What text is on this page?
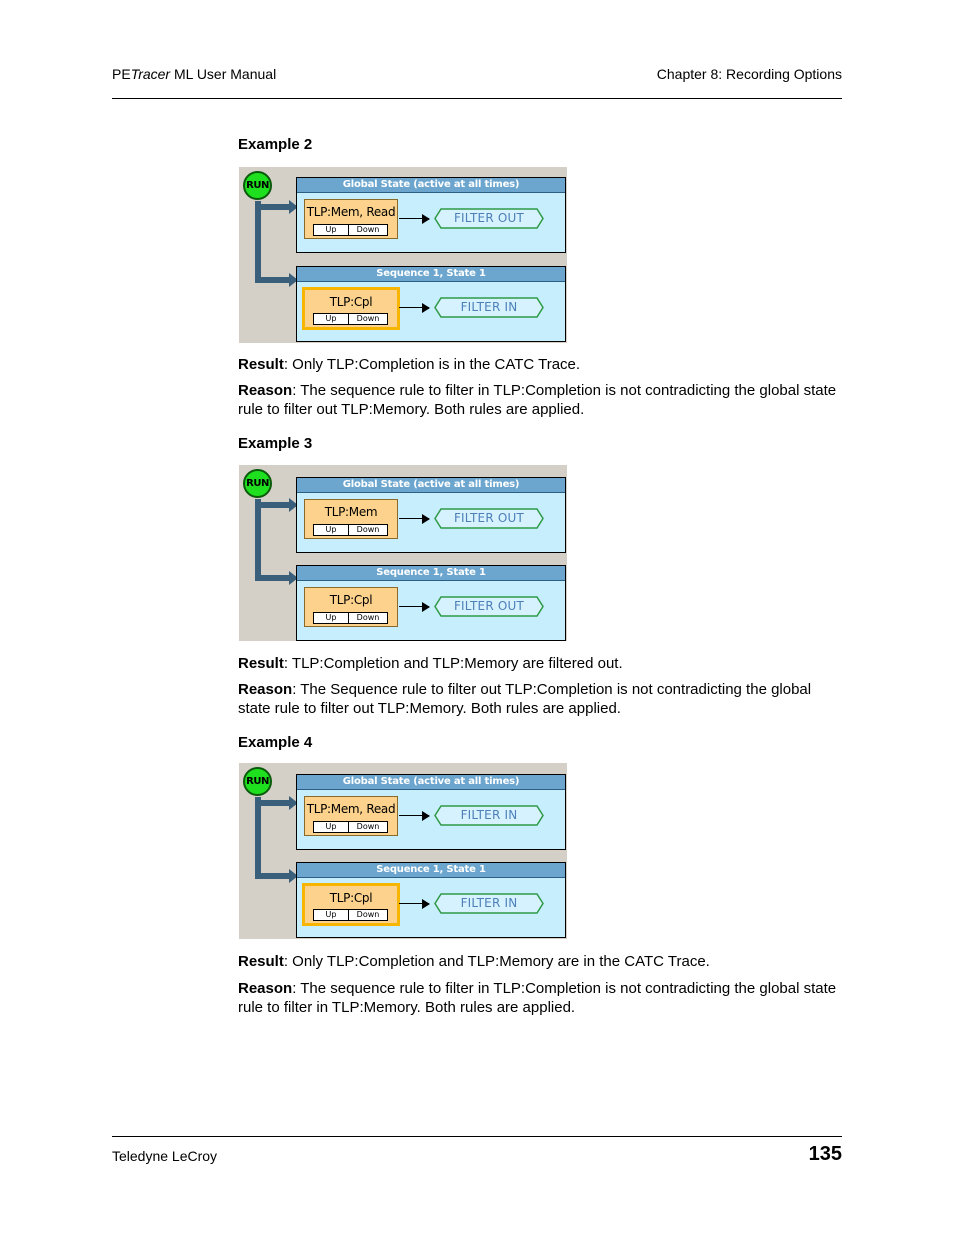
PETracer ML User Manual	Chapter 8: Recording Options
Example 2
RUN	Global State (active at all times)
TLP:Mem, Read
Up	Down
FILTER OUT
Sequence 1, State 1
TLP:Cpl
Up	Down
FILTER IN
Result: Only TLP:Completion is in the CATC Trace.
Reason: The sequence rule to filter in TLP:Completion is not contradicting the global state rule to filter out TLP:Memory. Both rules are applied.
Example 3
RUN	Global State (active at all times)
TLP:Mem
Up	Down
FILTER OUT
Sequence 1, State 1
TLP:Cpl
Up	Down
FILTER OUT
Result: TLP:Completion and TLP:Memory are filtered out.
Reason: The Sequence rule to filter out TLP:Completion is not contradicting the global state rule to filter out TLP:Memory. Both rules are applied.
Example 4
RUN	Global State (active at all times)
TLP:Mem, Read
Up	Down
FILTER IN
Sequence 1, State 1
TLP:Cpl
Up	Down
FILTER IN
Result: Only TLP:Completion and TLP:Memory are in the CATC Trace.
Reason: The sequence rule to filter in TLP:Completion is not contradicting the global state rule to filter in TLP:Memory. Both rules are applied.
Teledyne LeCroy	135
